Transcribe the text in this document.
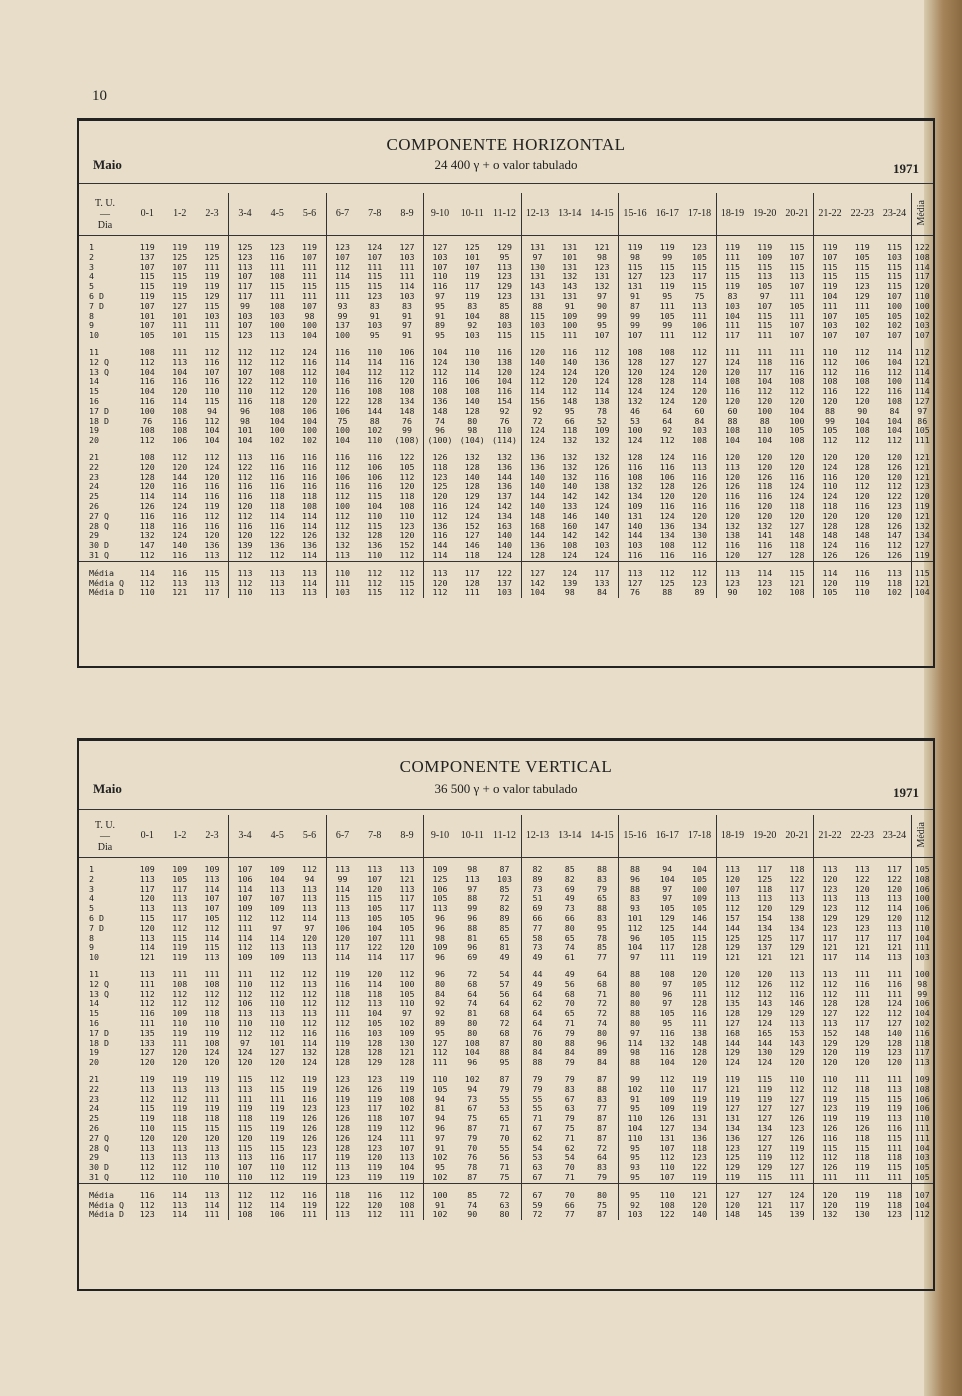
10
COMPONENTE HORIZONTAL
24 400 γ + o valor tabulado
Maio	1971
T. U.
—
Dia	0-1	1-2	2-3	3-4	4-5	5-6	6-7	7-8	8-9	9-10	10-11	11-12	12-13	13-14	14-15	15-16	16-17	17-18	18-19	19-20	20-21	21-22	22-23	23-24	Média

1	119	119	119	125	123	119	123	124	127	127	125	129	131	131	121	119	119	123	119	119	115	119	119	115	122
2	137	125	125	123	116	107	107	107	103	103	101	95	97	101	98	98	99	105	111	109	107	107	105	103	108
3	107	107	111	113	111	111	112	111	111	107	107	113	130	131	123	115	115	115	115	115	115	115	115	115	114
4	115	115	119	107	108	111	114	115	111	110	119	123	131	132	131	127	123	117	115	113	113	115	115	115	117
5	115	119	119	117	115	115	115	115	114	116	117	129	143	143	132	131	119	115	119	105	107	119	123	115	120
6 D	119	115	129	117	111	111	111	123	103	97	119	123	131	131	97	91	95	75	83	97	111	104	129	107	110
7 D	107	127	115	99	108	107	93	83	83	95	83	85	88	91	90	87	111	113	103	107	105	111	111	100	100
8	101	101	103	103	103	98	99	91	91	91	104	88	115	109	99	99	105	111	104	115	111	107	105	105	102
9	107	111	111	107	100	100	137	103	97	89	92	103	103	100	95	99	99	106	111	115	107	103	102	102	103
10	105	101	115	123	113	104	100	95	91	95	103	115	115	111	107	107	111	112	117	111	107	107	107	107	107

11	108	111	112	112	112	124	116	110	106	104	110	116	120	116	112	108	108	112	111	111	111	110	112	114	112
12 Q	112	113	116	112	112	116	114	114	116	124	130	138	140	140	136	128	127	127	124	118	116	112	106	104	121
13 Q	104	104	107	107	108	112	104	112	112	112	114	120	124	124	120	120	124	120	120	117	116	112	116	112	114
14	116	116	116	122	112	110	116	116	120	116	106	104	112	120	124	128	128	114	108	104	108	108	108	100	114
15	104	120	110	110	112	120	116	108	108	108	108	116	114	112	114	124	124	120	116	112	112	116	122	116	114
16	116	114	115	116	118	120	122	128	134	136	140	154	156	148	138	132	124	120	120	120	120	120	120	108	127
17 D	100	108	94	96	108	106	106	144	148	148	128	92	92	95	78	46	64	60	60	100	104	88	90	84	97
18 D	76	116	112	98	104	104	75	88	76	74	80	76	72	66	52	53	64	84	88	88	100	99	104	104	86
19	108	108	104	101	100	100	100	102	99	96	98	110	124	118	109	100	92	103	108	110	105	105	108	104	105
20	112	106	104	104	102	102	104	110	(108)	(100)	(104)	(114)	124	132	132	124	112	108	104	104	108	112	112	112	111

21	108	112	112	113	116	116	116	116	122	126	132	132	136	132	132	128	124	116	120	120	120	120	120	120	121
22	120	120	124	122	116	116	112	106	105	118	128	136	136	132	126	116	116	113	113	120	120	124	128	126	121
23	128	144	120	112	116	116	106	106	112	123	140	144	140	132	116	108	106	116	120	126	116	116	120	120	121
24	120	116	116	116	116	116	116	116	120	125	128	136	140	140	138	132	128	126	126	118	124	110	112	112	123
25	114	114	116	116	118	118	112	115	118	120	129	137	144	142	142	134	120	120	116	116	124	124	120	122	120
26	126	124	119	120	118	108	100	104	108	116	124	142	140	133	124	109	116	116	116	120	118	118	116	123	119
27 Q	116	116	112	112	114	114	112	110	110	112	124	134	148	146	140	131	124	120	120	120	120	120	120	120	121
28 Q	118	116	116	116	116	114	112	115	123	136	152	163	168	160	147	140	136	134	132	132	127	128	128	126	132
29	132	124	120	120	122	126	132	128	120	116	127	140	144	142	142	144	134	130	138	141	148	148	148	147	134
30 D	147	140	136	139	136	136	132	136	152	144	146	140	136	108	103	103	108	112	116	116	118	124	116	112	127
31 Q	112	116	113	112	112	114	113	110	112	114	118	124	128	124	124	116	116	116	120	127	128	126	126	126	119

Média	114	116	115	113	113	113	110	112	112	113	117	122	127	124	117	113	112	112	113	114	115	114	116	113	115
Média Q	112	113	113	112	113	114	111	112	115	120	128	137	142	139	133	127	125	123	123	123	121	120	119	118	121
Média D	110	121	117	110	113	113	103	115	112	112	111	103	104	98	84	76	88	89	90	102	108	105	110	102	104
COMPONENTE VERTICAL
36 500 γ + o valor tabulado
Maio	1971
T. U.
—
Dia	0-1	1-2	2-3	3-4	4-5	5-6	6-7	7-8	8-9	9-10	10-11	11-12	12-13	13-14	14-15	15-16	16-17	17-18	18-19	19-20	20-21	21-22	22-23	23-24	Média

1	109	109	109	107	109	112	113	113	113	109	98	87	82	85	88	88	94	104	113	117	118	113	113	117	105
2	113	105	113	106	104	94	99	107	121	125	113	103	89	82	83	96	104	105	120	125	122	120	122	122	108
3	117	117	114	114	113	113	114	120	113	106	97	85	73	69	79	88	97	100	107	118	117	123	120	120	106
4	120	113	107	107	107	113	115	115	117	105	88	72	51	49	65	83	97	109	113	113	113	113	113	113	100
5	113	113	107	109	109	113	113	105	117	113	99	82	69	73	88	93	105	105	112	120	129	123	112	114	106
6 D	115	117	105	112	112	114	113	105	105	96	96	89	66	66	83	101	129	146	157	154	138	129	129	120	112
7 D	120	112	112	111	97	97	106	104	105	96	88	85	77	80	95	112	125	144	144	134	134	123	123	113	110
8	113	115	114	114	114	120	120	107	111	98	81	65	58	65	78	96	105	115	125	125	117	117	117	117	104
9	114	119	115	112	113	113	117	122	120	109	96	81	73	74	85	104	117	128	129	137	129	121	121	121	111
10	121	119	113	109	109	113	114	114	117	96	69	49	49	61	77	97	111	119	121	121	121	117	114	113	103

11	113	111	111	111	112	112	119	120	112	96	72	54	44	49	64	88	108	120	120	120	113	113	111	111	100
12 Q	111	108	108	110	112	113	116	114	100	80	68	57	49	56	68	80	97	105	112	126	112	112	116	116	98
13 Q	112	112	112	112	112	112	118	118	105	84	64	56	64	68	71	80	96	111	112	112	116	112	111	111	99
14	112	112	112	106	110	112	112	113	110	92	74	64	62	70	72	80	97	128	135	143	146	128	128	124	106
15	116	109	118	113	113	113	111	104	97	92	81	68	64	65	72	88	105	116	128	129	129	127	122	112	104
16	111	110	110	110	110	112	112	105	102	89	80	72	64	71	74	80	95	111	127	124	113	113	117	127	102
17 D	135	119	119	112	112	116	116	103	109	95	80	68	76	79	80	97	116	138	168	165	153	152	148	140	116
18 D	133	111	108	97	101	114	119	128	130	127	108	87	80	88	96	114	132	148	144	144	143	129	129	128	118
19	127	120	124	124	127	132	128	128	121	112	104	88	84	84	89	98	116	128	129	130	129	120	119	123	117
20	120	120	120	120	120	124	128	129	128	111	96	95	88	79	84	88	104	120	124	124	120	120	120	120	113

21	119	119	119	115	112	119	123	123	119	110	102	87	79	79	87	99	112	119	119	115	110	110	111	111	109
22	113	113	113	113	115	119	126	126	119	105	94	79	79	83	88	102	110	117	121	119	112	112	118	113	108
23	112	112	111	111	111	116	119	119	108	94	73	55	55	67	83	91	109	119	119	119	127	119	115	115	106
24	115	119	119	119	119	123	123	117	102	81	67	53	55	63	77	95	109	119	127	127	127	123	119	119	106
25	119	118	118	118	119	126	126	118	107	94	75	65	71	79	87	110	126	131	131	127	126	119	119	113	110
26	110	115	115	115	119	126	128	119	112	96	87	71	67	75	87	104	127	134	134	134	123	126	126	116	111
27 Q	120	120	120	120	119	126	126	124	111	97	79	70	62	71	87	110	131	136	136	127	126	116	118	115	111
28 Q	113	113	113	115	115	123	128	123	107	91	70	55	54	62	72	95	107	118	123	127	119	115	115	111	104
29	113	113	113	113	116	117	119	120	113	102	76	56	53	54	64	95	112	123	125	119	112	112	118	118	103
30 D	112	112	110	107	110	112	113	119	104	95	78	71	63	70	83	93	110	122	129	129	127	126	119	115	105
31 Q	112	110	110	110	112	119	123	119	119	102	87	75	67	71	79	95	107	119	119	115	111	111	111	111	105

Média	116	114	113	112	112	116	118	116	112	100	85	72	67	70	80	95	110	121	127	127	124	120	119	118	107
Média Q	112	113	114	112	114	119	122	120	108	91	74	63	59	66	75	92	108	120	120	121	117	120	119	118	104
Média D	123	114	111	108	106	111	113	112	111	102	90	80	72	77	87	103	122	140	148	145	139	132	130	123	112
